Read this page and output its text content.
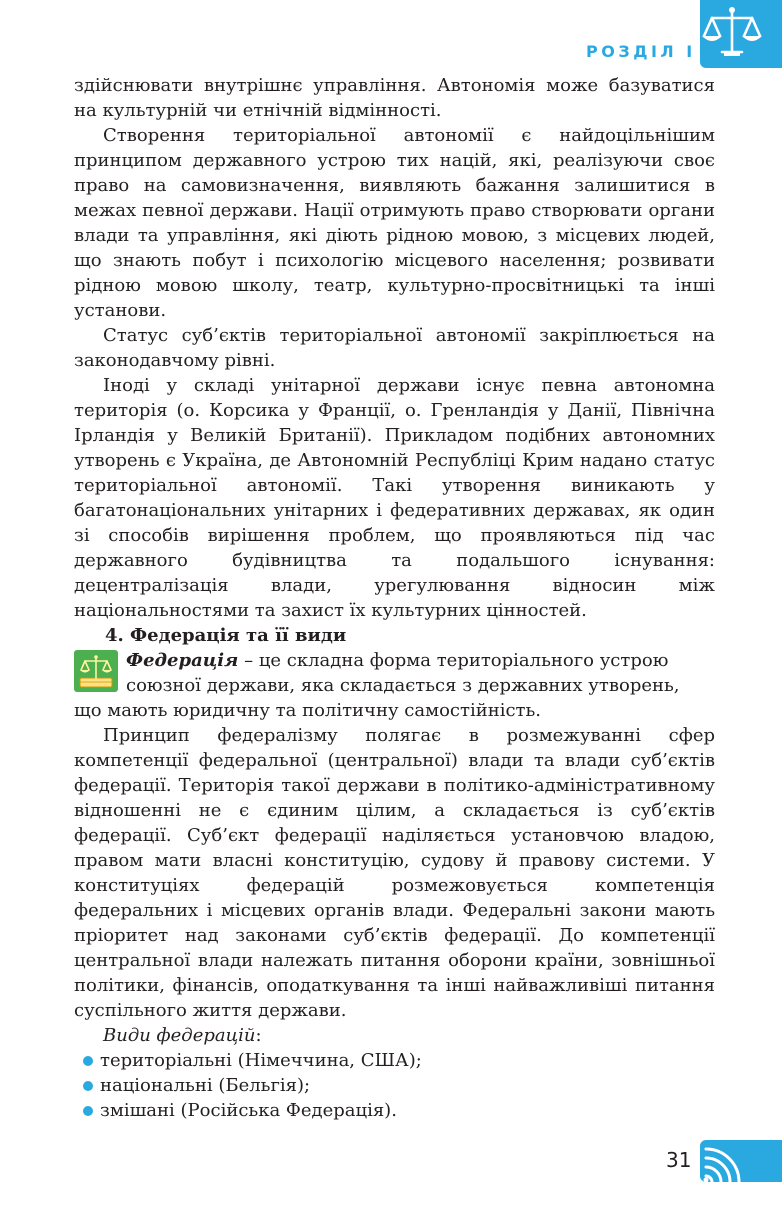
РОЗДІЛ І

здійснювати внутрішнє управління. Автономія може базуватися на культурній чи етнічній відмінності.

Створення територіальної автономії є найдоцільнішим принципом державного устрою тих націй, які, реалізуючи своє право на самовизначення, виявляють бажання залишитися в межах певної держави. Нації отримують право створювати органи влади та управління, які діють рідною мовою, з місцевих людей, що знають побут і психологію місцевого населення; розвивати рідною мовою школу, театр, культурно-просвітницькі та інші установи.

Статус суб’єктів територіальної автономії закріплюється на законодавчому рівні.

Іноді у складі унітарної держави існує певна автономна територія (о. Корсика у Франції, о. Гренландія у Данії, Північна Ірландія у Великій Британії). Прикладом подібних автономних утворень є Україна, де Автономній Республіці Крим надано статус територіальної автономії. Такі утворення виникають у багатонаціональних унітарних і федеративних державах, як один зі способів вирішення проблем, що проявляються під час державного будівництва та подальшого існування: децентралізація влади, урегулювання відносин між національностями та захист їх культурних цінностей.

4. Федерація та її види

Федерація – це складна форма територіального устрою

союзної держави, яка складається з державних утворень,

що мають юридичну та політичну самостійність.

Принцип федералізму полягає в розмежуванні сфер компетенції федеральної (центральної) влади та влади суб’єктів федерації. Територія такої держави в політико-адміністративному відношенні не є єдиним цілим, а складається із суб’єктів федерації. Суб’єкт федерації наділяється установчою владою, правом мати власні конституцію, судову й правову системи. У конституціях федерацій розмежовується компетенція федеральних і місцевих органів влади. Федеральні закони мають пріоритет над законами суб’єктів федерації. До компетенції центральної влади належать питання оборони країни, зовнішньої політики, фінансів, оподаткування та інші найважливіші питання суспільного життя держави.

Види федерацій:

територіальні (Німеччина, США);
національні (Бельгія);
змішані (Російська Федерація).
31
